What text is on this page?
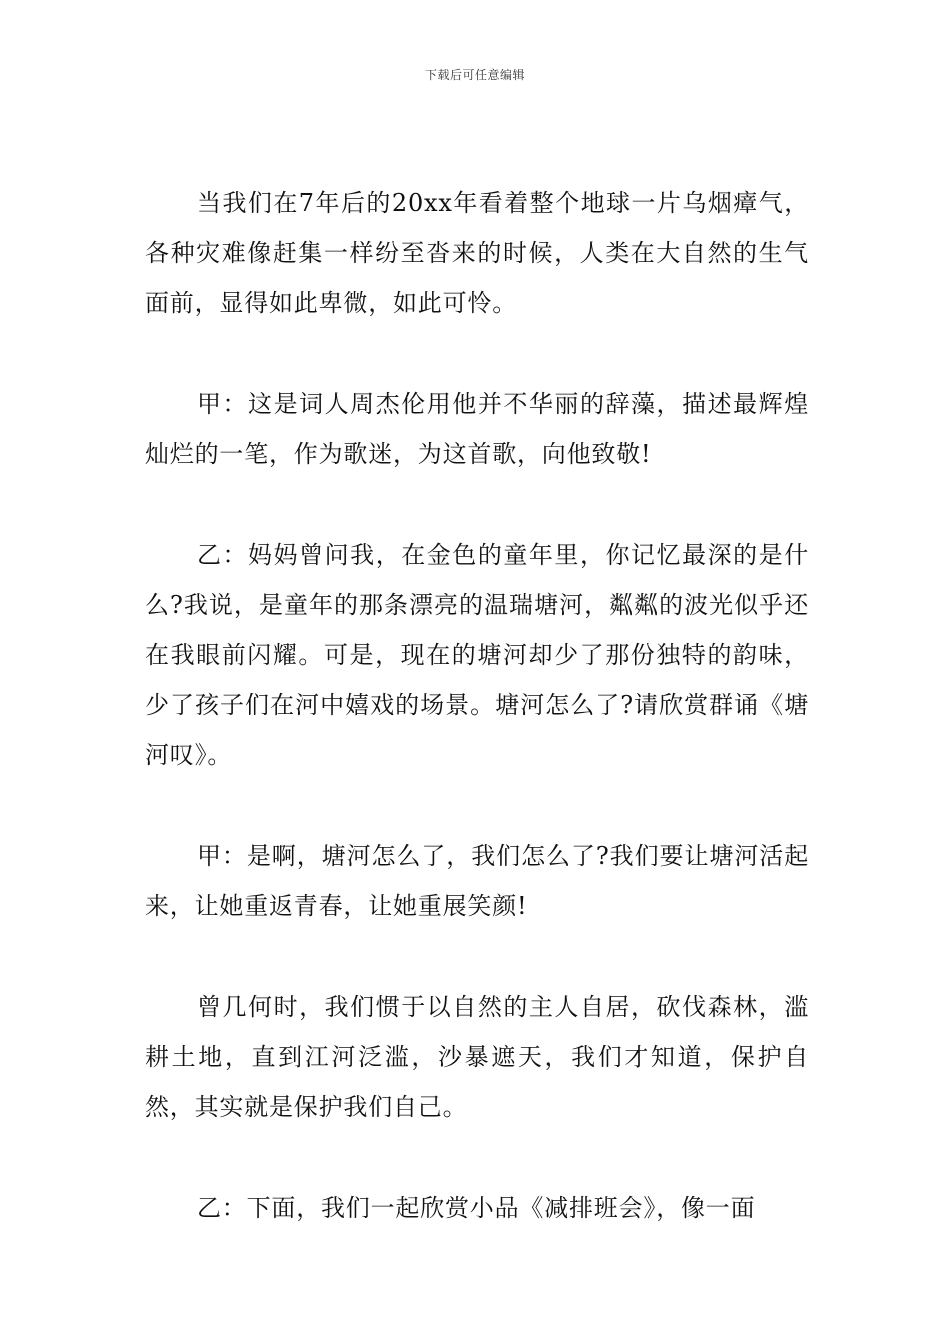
下载后可任意编辑

当我们在7年后的20xx年看着整个地球一片乌烟瘴气，各种灾难像赶集一样纷至沓来的时候，人类在大自然的生气面前，显得如此卑微，如此可怜。

甲：这是词人周杰伦用他并不华丽的辞藻，描述最辉煌灿烂的一笔，作为歌迷，为这首歌，向他致敬!

乙：妈妈曾问我，在金色的童年里，你记忆最深的是什么?我说，是童年的那条漂亮的温瑞塘河，粼粼的波光似乎还在我眼前闪耀。可是，现在的塘河却少了那份独特的韵味，少了孩子们在河中嬉戏的场景。塘河怎么了?请欣赏群诵《塘河叹》。

甲：是啊，塘河怎么了，我们怎么了?我们要让塘河活起来，让她重返青春，让她重展笑颜!

曾几何时，我们惯于以自然的主人自居，砍伐森林，滥耕土地，直到江河泛滥，沙暴遮天，我们才知道，保护自然，其实就是保护我们自己。

乙：下面，我们一起欣赏小品《减排班会》，像一面
